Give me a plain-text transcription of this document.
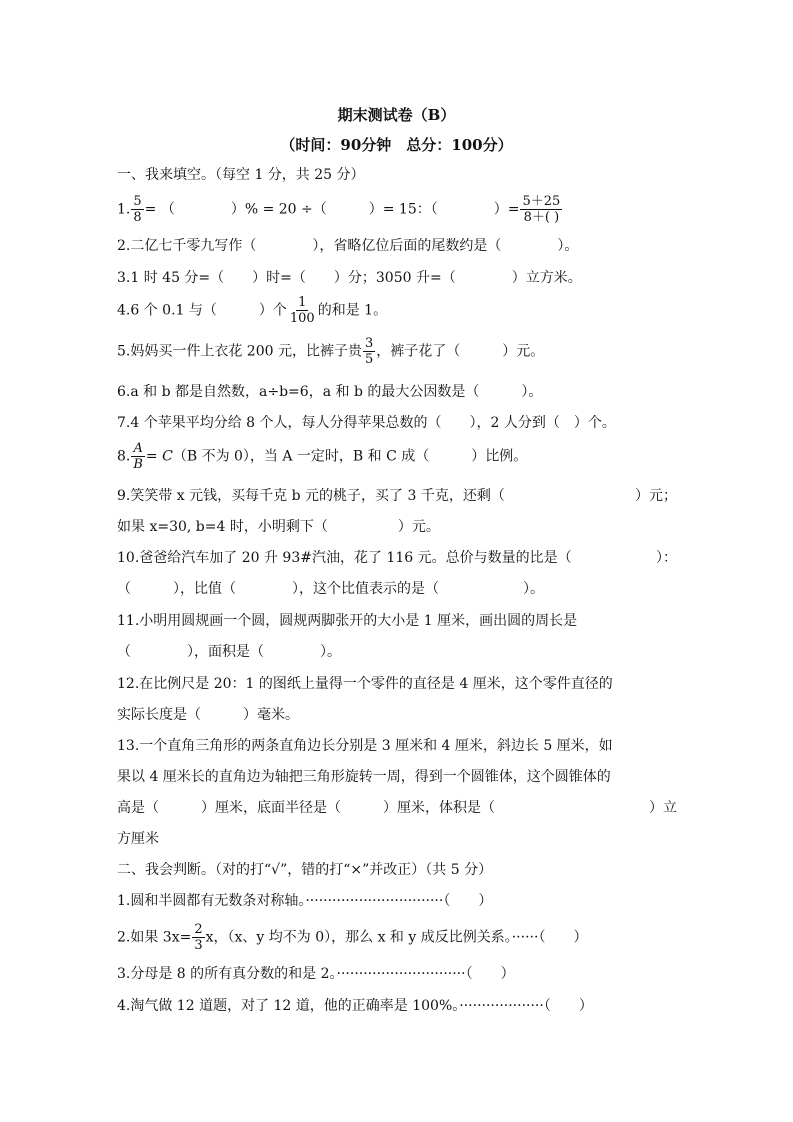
期末测试卷（B）
（时间：90分钟　总分：100分）
一、我来填空。（每空 1 分，共 25 分）
1. $\frac{5}{8}$ = （　　　　）% = 20 ÷（　　　）= 15：（　　　　）= $\frac{5+25}{8+( )}$
2.二亿七千零九写作（　　　　），省略亿位后面的尾数约是（　　　　）。
3.1 时 45 分=（　　）时=（　　）分；3050 升=（　　　　）立方米。
4.6 个 0.1 与（　　　）个 $\frac{1}{100}$ 的和是 1。
5.妈妈买一件上衣花 200 元，比裤子贵 $\frac{3}{5}$ ，裤子花了（　　　）元。
6.a 和 b 都是自然数，a÷b=6，a 和 b 的最大公因数是（　　　）。
7.4 个苹果平均分给 8 个人，每人分得苹果总数的（　　），2 人分到（　）个。
8. $\frac{A}{B} = C(B$ 不为 0），当 A 一定时，B 和 C 成（　　　）比例。
9.笑笑带 x 元钱，买每千克 b 元的桃子，买了 3 千克，还剩（	）元；
如果 x=30, b=4 时，小明剩下（　　　　　）元。
10.爸爸给汽车加了 20 升 93#汽油，花了 116 元。总价与数量的比是（	）：
（　　　），比值（　　　　），这个比值表示的是（　　　　　　）。
11.小明用圆规画一个圆，圆规两脚张开的大小是 1 厘米，画出圆的周长是
（　　　　），面积是（　　　　）。
12.在比例尺是 20：1 的图纸上量得一个零件的直径是 4 厘米，这个零件直径的
实际长度是（　　　）毫米。
13.一个直角三角形的两条直角边长分别是 3 厘米和 4 厘米，斜边长 5 厘米，如
果以 4 厘米长的直角边为轴把三角形旋转一周，得到一个圆锥体，这个圆锥体的
高是（　　　）厘米，底面半径是（　　　）厘米，体积是（　　　　	）立
方厘米
二、我会判断。（对的打“√”，错的打“×”并改正）（共 5 分）
1.圆和半圆都有无数条对称轴。·······························（　　）
2.如果 $3x= \frac{2}{3}$ x，（x、y 均不为 0），那么 x 和 y 成反比例关系。······（　　）
3.分母是 8 的所有真分数的和是 2。·····························（　　）
4.淘气做 12 道题，对了 12 道，他的正确率是 100%。···················（　　）
